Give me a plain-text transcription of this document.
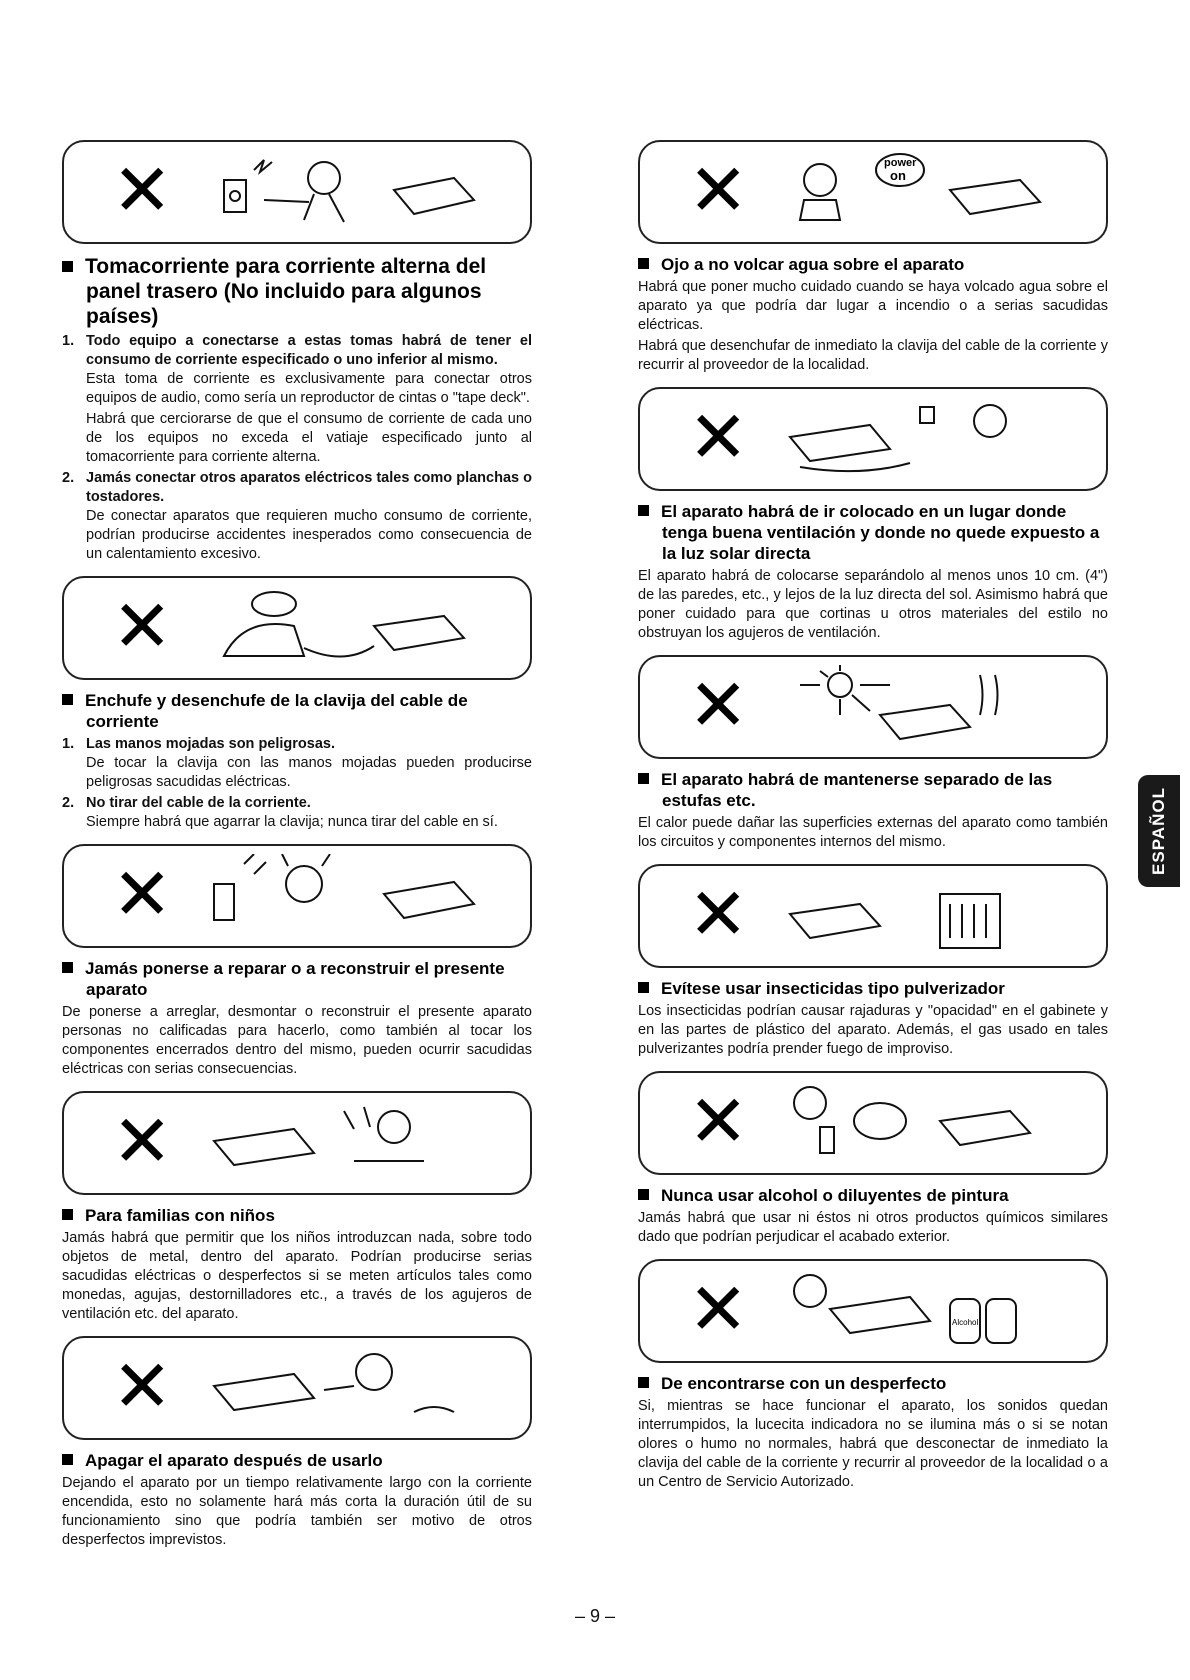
✕
Tomacorriente para corriente alterna del panel trasero (No incluido para algunos países)
1. Todo equipo a conectarse a estas tomas habrá de tener el consumo de corriente especificado o uno inferior al mismo.

Esta toma de corriente es exclusivamente para conectar otros equipos de audio, como sería un reproductor de cintas o "tape deck".

Habrá que cerciorarse de que el consumo de corriente de cada uno de los equipos no exceda el vatiaje especificado junto al tomacorriente para corriente alterna.

2. Jamás conectar otros aparatos eléctricos tales como planchas o tostadores.

De conectar aparatos que requieren mucho consumo de corriente, podrían producirse accidentes inesperados como consecuencia de un calentamiento excesivo.

✕
Enchufe y desenchufe de la clavija del cable de corriente
1. Las manos mojadas son peligrosas.

De tocar la clavija con las manos mojadas pueden producirse peligrosas sacudidas eléctricas.

2. No tirar del cable de la corriente.

Siempre habrá que agarrar la clavija; nunca tirar del cable en sí.

✕
Jamás ponerse a reparar o a reconstruir el presente aparato

De ponerse a arreglar, desmontar o reconstruir el presente aparato personas no calificadas para hacerlo, como también al tocar los componentes encerrados dentro del mismo, pueden ocurrir sacudidas eléctricas con serias consecuencias.

✕
Para familias con niños

Jamás habrá que permitir que los niños introduzcan nada, sobre todo objetos de metal, dentro del aparato. Podrían producirse serias sacudidas eléctricas o desperfectos si se meten artículos tales como monedas, agujas, destornilladores etc., a través de los agujeros de ventilación etc. del aparato.

✕
Apagar el aparato después de usarlo

Dejando el aparato por un tiempo relativamente largo con la corriente encendida, esto no solamente hará más corta la duración útil de su funcionamiento sino que podría también ser motivo de otros desperfectos imprevistos.

✕	power
on
Ojo a no volcar agua sobre el aparato

Habrá que poner mucho cuidado cuando se haya volcado agua sobre el aparato ya que podría dar lugar a incendio o a serias sacudidas eléctricas.

Habrá que desenchufar de inmediato la clavija del cable de la corriente y recurrir al proveedor de la localidad.

✕
El aparato habrá de ir colocado en un lugar donde tenga buena ventilación y donde no quede expuesto a la luz solar directa

El aparato habrá de colocarse separándolo al menos unos 10 cm. (4") de las paredes, etc., y lejos de la luz directa del sol. Asimismo habrá que poner cuidado para que cortinas u otros materiales del estilo no obstruyan los agujeros de ventilación.

✕
El aparato habrá de mantenerse separado de las estufas etc.

El calor puede dañar las superficies externas del aparato como también los circuitos y componentes internos del mismo.

✕
Evítese usar insecticidas tipo pulverizador

Los insecticidas podrían causar rajaduras y "opacidad" en el gabinete y en las partes de plástico del aparato. Además, el gas usado en tales pulverizantes podría prender fuego de improviso.

✕
Nunca usar alcohol o diluyentes de pintura

Jamás habrá que usar ni éstos ni otros productos químicos similares dado que podrían perjudicar el acabado exterior.

✕	Alcohol
De encontrarse con un desperfecto

Si, mientras se hace funcionar el aparato, los sonidos quedan interrumpidos, la lucecita indicadora no se ilumina más o si se notan olores o humo no normales, habrá que desconectar de inmediato la clavija del cable de la corriente y recurrir al proveedor de la localidad o a un Centro de Servicio Autorizado.

ESPAÑOL
– 9 –
